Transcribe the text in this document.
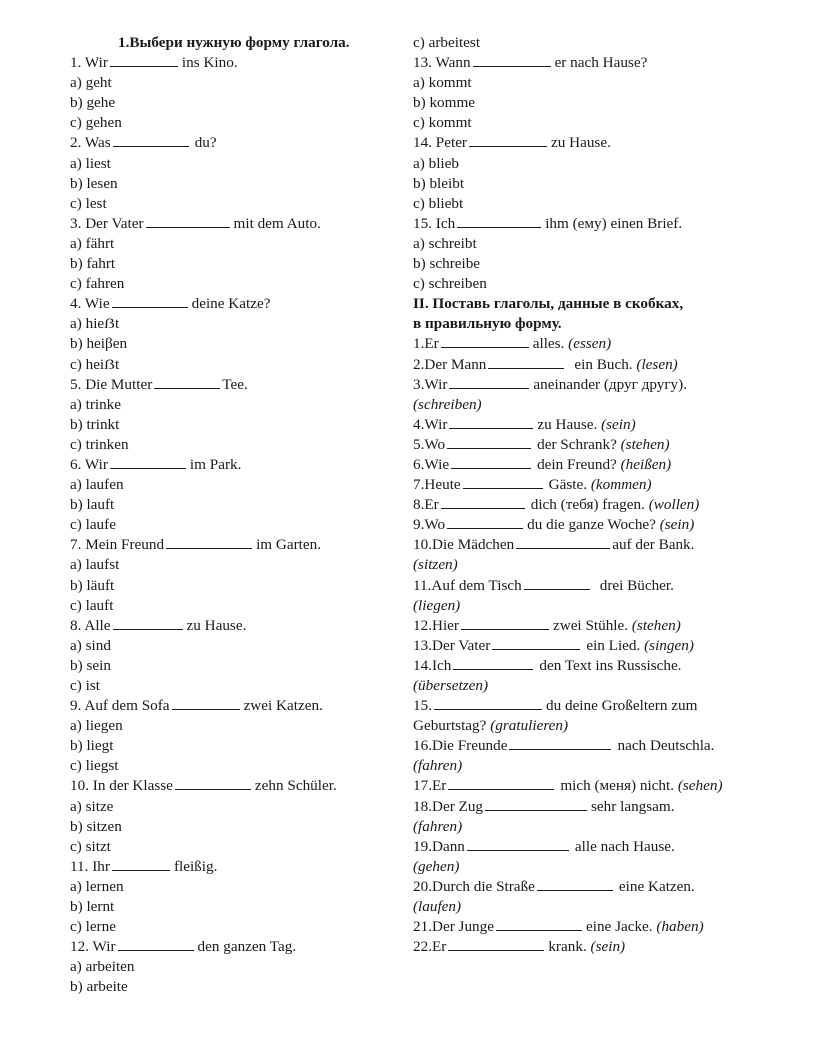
1.Выбери нужную форму глагола.
1. Wir	ins Kino.
a) geht
b) gehe
c) gehen
2. Was	du?
a) liest
b) lesen
c) lest
3. Der Vater	mit dem Auto.
a) fährt
b) fahrt
c) fahren
4. Wie	deine Katze?
a) hieẞt
b) heiβen
c) heiẞt
5. Die Mutter	Tee.
a) trinke
b) trinkt
c) trinken
6. Wir	im Park.
a) laufen
b) lauft
c) laufe
7. Mein Freund	im Garten.
a) laufst
b) läuft
c) lauft
8. Alle	zu Hause.
a) sind
b) sein
c) ist
9. Auf dem Sofa	zwei Katzen.
a) liegen
b) liegt
c) liegst
10. In der Klasse	zehn Schüler.
a) sitze
b) sitzen
c) sitzt
11. Ihr	fleißig.
a) lernen
b) lernt
c) lerne
12. Wir	den ganzen Tag.
a) arbeiten
b) arbeite
c) arbeitest
13. Wann	er nach Hause?
a) kommt
b) komme
c) kommt
14. Peter	zu Hause.
a) blieb
b) bleibt
c) bliebt
15. Ich	ihm (ему) einen Brief.
a) schreibt
b) schreibe
c) schreiben
II. Поставь глаголы, данные в скобках,
в правильную форму.
1.Er	alles. (essen)
2.Der Mann	ein Buch. (lesen)
3.Wir	aneinander (друг другу).
(schreiben)
4.Wir	zu Hause. (sein)
5.Wo	der Schrank? (stehen)
6.Wie	dein Freund? (heißen)
7.Heute	Gäste. (kommen)
8.Er	dich (тебя) fragen. (wollen)
9.Wo	du die ganze Woche? (sein)
10.Die Mädchen	auf der Bank.
(sitzen)
11.Auf dem Tisch	drei Bücher.
(liegen)
12.Hier	zwei Stühle. (stehen)
13.Der Vater	ein Lied. (singen)
14.Ich	den Text ins Russische.
(übersetzen)
15.	du deine Großeltern zum
Geburtstag? (gratulieren)
16.Die Freunde	nach Deutschla.
(fahren)
17.Er	mich (меня) nicht. (sehen)
18.Der Zug	sehr langsam.
(fahren)
19.Dann	alle nach Hause.
(gehen)
20.Durch die Straße	eine Katzen.
(laufen)
21.Der Junge	eine Jacke. (haben)
22.Er	krank. (sein)
